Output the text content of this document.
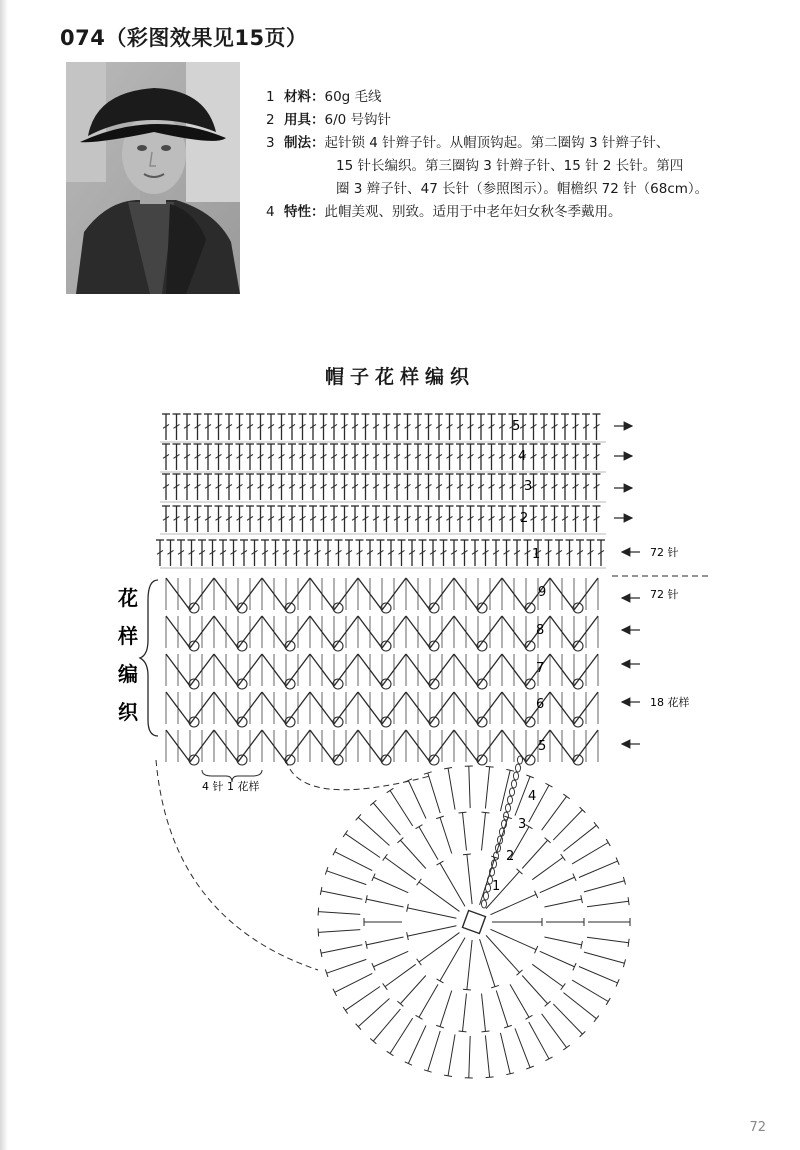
074（彩图效果见15页）
1 材料： 60g 毛线
2 用具： 6/0 号钩针
3 制法： 起针锁 4 针辫子针。从帽顶钩起。第二圈钩 3 针辫子针、
15 针长编织。第三圈钩 3 针辫子针、15 针 2 长针。第四
圈 3 辫子针、47 长针（参照图示）。帽檐织 72 针（68cm）。
4 特性： 此帽美观、别致。适用于中老年妇女秋冬季戴用。
帽子花样编织
花
样
编
织
72 针
72 针
18 花样
4 针 1 花样
5
4
3
2
1
9
8
7
6
5
4
3
2
1
72
